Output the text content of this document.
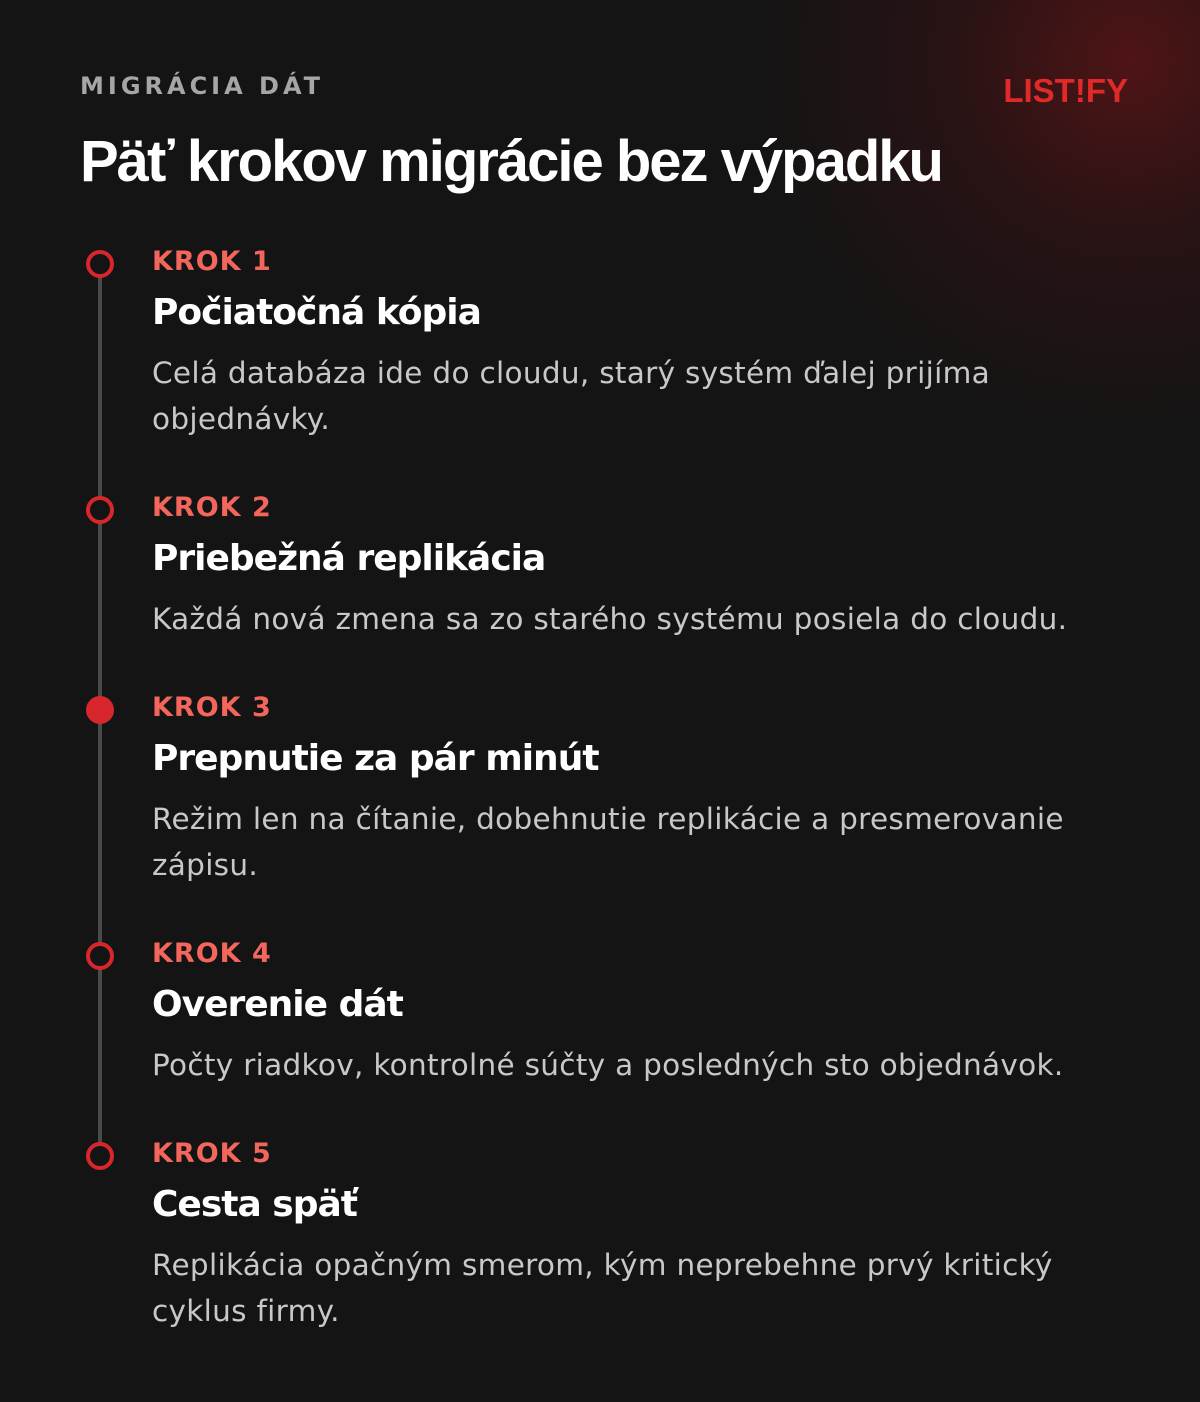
MIGRÁCIA DÁT	LIST!FY
Päť krokov migrácie bez výpadku
KROK 1
Počiatočná kópia
Celá databáza ide do cloudu, starý systém ďalej prijíma objednávky.
KROK 2
Priebežná replikácia
Každá nová zmena sa zo starého systému posiela do cloudu.
KROK 3
Prepnutie za pár minút
Režim len na čítanie, dobehnutie replikácie a presmerovanie zápisu.
KROK 4
Overenie dát
Počty riadkov, kontrolné súčty a posledných sto objednávok.
KROK 5
Cesta späť
Replikácia opačným smerom, kým neprebehne prvý kritický cyklus firmy.
